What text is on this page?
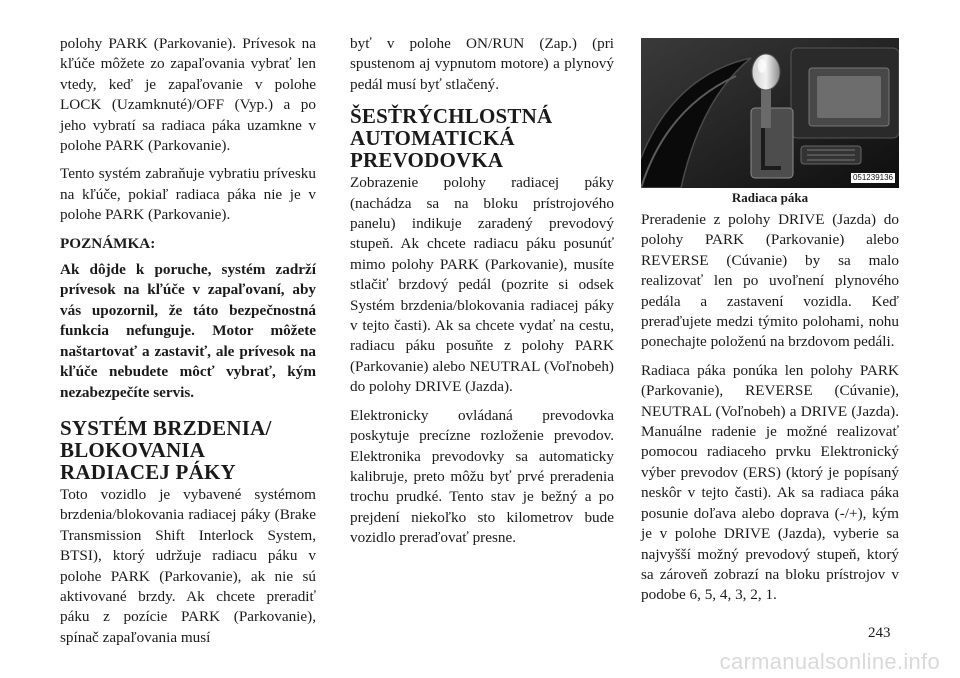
polohy PARK (Parkovanie). Prívesok na kľúče môžete zo zapaľovania vybrať len vtedy, keď je zapaľovanie v polohe LOCK (Uzamknuté)/OFF (Vyp.) a po jeho vybratí sa radiaca páka uzamkne v polohe PARK (Parkovanie).

Tento systém zabraňuje vybratiu prívesku na kľúče, pokiaľ radiaca páka nie je v polohe PARK (Parkovanie).

POZNÁMKA:

Ak dôjde k poruche, systém zadrží prívesok na kľúče v zapaľovaní, aby vás upozornil, že táto bezpečnostná funkcia nefunguje. Motor môžete naštartovať a zastaviť, ale prívesok na kľúče nebudete môcť vybrať, kým nezabezpečíte servis.

SYSTÉM BRZDENIA/ BLOKOVANIA RADIACEJ PÁKY

Toto vozidlo je vybavené systémom brzdenia/blokovania radiacej páky (Brake Transmission Shift Interlock System, BTSI), ktorý udržuje radiacu páku v polohe PARK (Parkovanie), ak nie sú aktivované brzdy. Ak chcete preradiť páku z pozície PARK (Parkovanie), spínač zapaľovania musí

byť v polohe ON/RUN (Zap.) (pri spustenom aj vypnutom motore) a plynový pedál musí byť stlačený.

ŠESŤRÝCHLOSTNÁ AUTOMATICKÁ PREVODOVKA

Zobrazenie polohy radiacej páky (nachádza sa na bloku prístrojového panelu) indikuje zaradený prevodový stupeň. Ak chcete radiacu páku posunúť mimo polohy PARK (Parkovanie), musíte stlačiť brzdový pedál (pozrite si odsek Systém brzdenia/blokovania radiacej páky v tejto časti). Ak sa chcete vydať na cestu, radiacu páku posuňte z polohy PARK (Parkovanie) alebo NEUTRAL (Voľnobeh) do polohy DRIVE (Jazda).

Elektronicky ovládaná prevodovka poskytuje precízne rozloženie prevodov. Elektronika prevodovky sa automaticky kalibruje, preto môžu byť prvé preradenia trochu prudké. Tento stav je bežný a po prejdení niekoľko sto kilometrov bude vozidlo preraďovať presne.

051239136
Radiaca páka

Preradenie z polohy DRIVE (Jazda) do polohy PARK (Parkovanie) alebo REVERSE (Cúvanie) by sa malo realizovať len po uvoľnení plynového pedála a zastavení vozidla. Keď preraďujete medzi týmito polohami, nohu ponechajte položenú na brzdovom pedáli.

Radiaca páka ponúka len polohy PARK (Parkovanie), REVERSE (Cúvanie), NEUTRAL (Voľnobeh) a DRIVE (Jazda). Manuálne radenie je možné realizovať pomocou radiaceho prvku Elektronický výber prevodov (ERS) (ktorý je popísaný neskôr v tejto časti). Ak sa radiaca páka posunie doľava alebo doprava (-/+), kým je v polohe DRIVE (Jazda), vyberie sa najvyšší možný prevodový stupeň, ktorý sa zároveň zobrazí na bloku prístrojov v podobe 6, 5, 4, 3, 2, 1.

243
carmanualsonline.info
